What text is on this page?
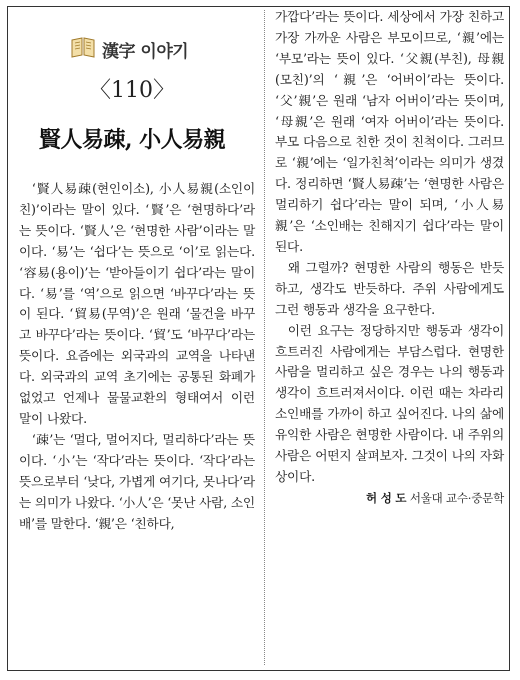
漢字 이야기
〈110〉
賢人易疎, 小人易親

‘賢人易疎(현인이소), 小人易親(소인이친)’이라는 말이 있다. ‘賢’은 ‘현명하다’라는 뜻이다. ‘賢人’은 ‘현명한 사람’이라는 말이다. ‘易’는 ‘쉽다’는 뜻으로 ‘이’로 읽는다. ‘容易(용이)’는 ‘받아들이기 쉽다’라는 말이다. ‘易’를 ‘역’으로 읽으면 ‘바꾸다’라는 뜻이 된다. ‘貿易(무역)’은 원래 ‘물건을 바꾸고 바꾸다’라는 뜻이다. ‘貿’도 ‘바꾸다’라는 뜻이다. 요즘에는 외국과의 교역을 나타낸다. 외국과의 교역 초기에는 공통된 화폐가 없었고 언제나 물물교환의 형태여서 이런 말이 나왔다.

‘疎’는 ‘멀다, 멀어지다, 멀리하다’라는 뜻이다. ‘小’는 ‘작다’라는 뜻이다. ‘작다’라는 뜻으로부터 ‘낮다, 가볍게 여기다, 못나다’라는 의미가 나왔다. ‘小人’은 ‘못난 사람, 소인배’를 말한다. ‘親’은 ‘친하다,

가깝다’라는 뜻이다. 세상에서 가장 친하고 가장 가까운 사람은 부모이므로, ‘親’에는 ‘부모’라는 뜻이 있다. ‘父親(부친), 母親(모친)’의 ‘親’은 ‘어버이’라는 뜻이다. ‘父’親’은 원래 ‘남자 어버이’라는 뜻이며, ‘母親’은 원래 ‘여자 어버이’라는 뜻이다. 부모 다음으로 친한 것이 친척이다. 그러므로 ‘親’에는 ‘일가친척’이라는 의미가 생겼다. 정리하면 ‘賢人易疎’는 ‘현명한 사람은 멀리하기 쉽다’라는 말이 되며, ‘小人易親’은 ‘소인배는 친해지기 쉽다’라는 말이 된다.

왜 그럴까? 현명한 사람의 행동은 반듯하고, 생각도 반듯하다. 주위 사람에게도 그런 행동과 생각을 요구한다.

이런 요구는 정당하지만 행동과 생각이 흐트러진 사람에게는 부담스럽다. 현명한 사람을 멀리하고 싶은 경우는 나의 행동과 생각이 흐트러져서이다. 이런 때는 차라리 소인배를 가까이 하고 싶어진다. 나의 삶에 유익한 사람은 현명한 사람이다. 내 주위의 사람은 어떤지 살펴보자. 그것이 나의 자화상이다.

허 성 도 서울대 교수·중문학
